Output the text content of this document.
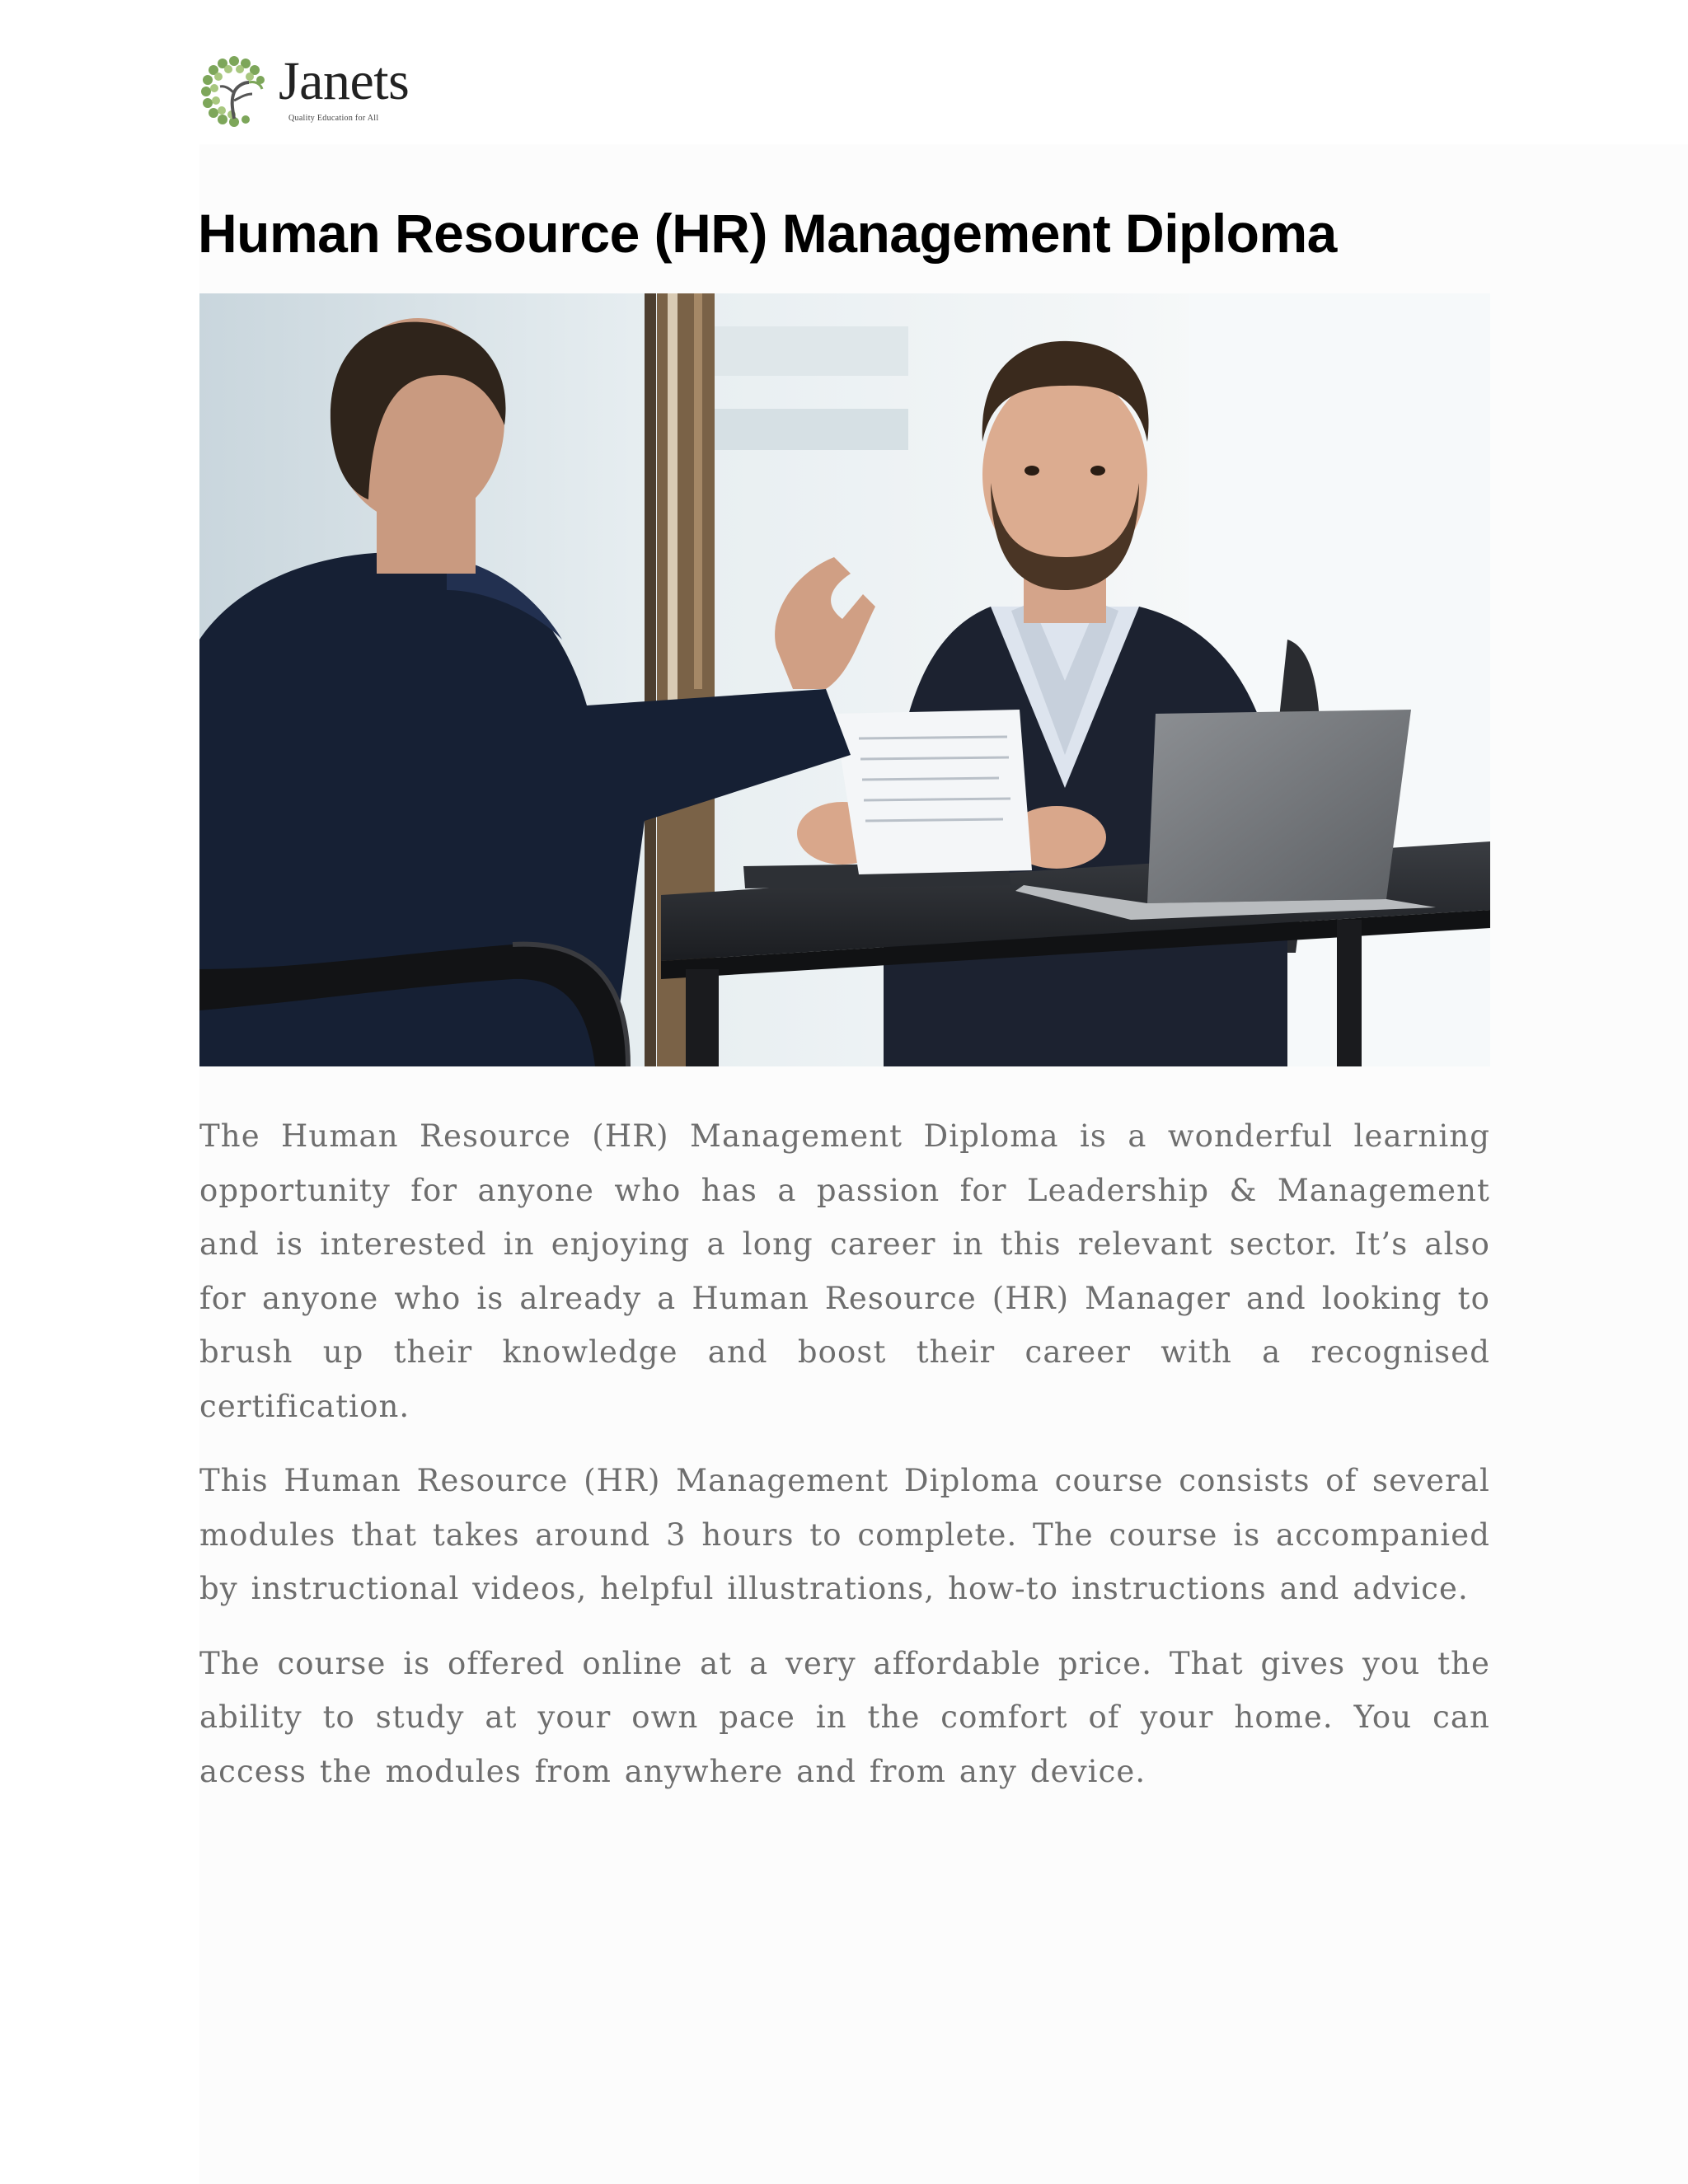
Janets
Quality Education for All
Human Resource (HR) Management Diploma

The Human Resource (HR) Management Diploma is a wonderful learning opportunity for anyone who has a passion for Leadership & Management and is interested in enjoying a long career in this relevant sector. It’s also for anyone who is already a Human Resource (HR) Manager and looking to brush up their knowledge and boost their career with a recognised certification.

This Human Resource (HR) Management Diploma course consists of several modules that takes around 3 hours to complete. The course is accompanied by instructional videos, helpful illustrations, how-to instructions and advice.

The course is offered online at a very affordable price. That gives you the ability to study at your own pace in the comfort of your home. You can access the modules from anywhere and from any device.
